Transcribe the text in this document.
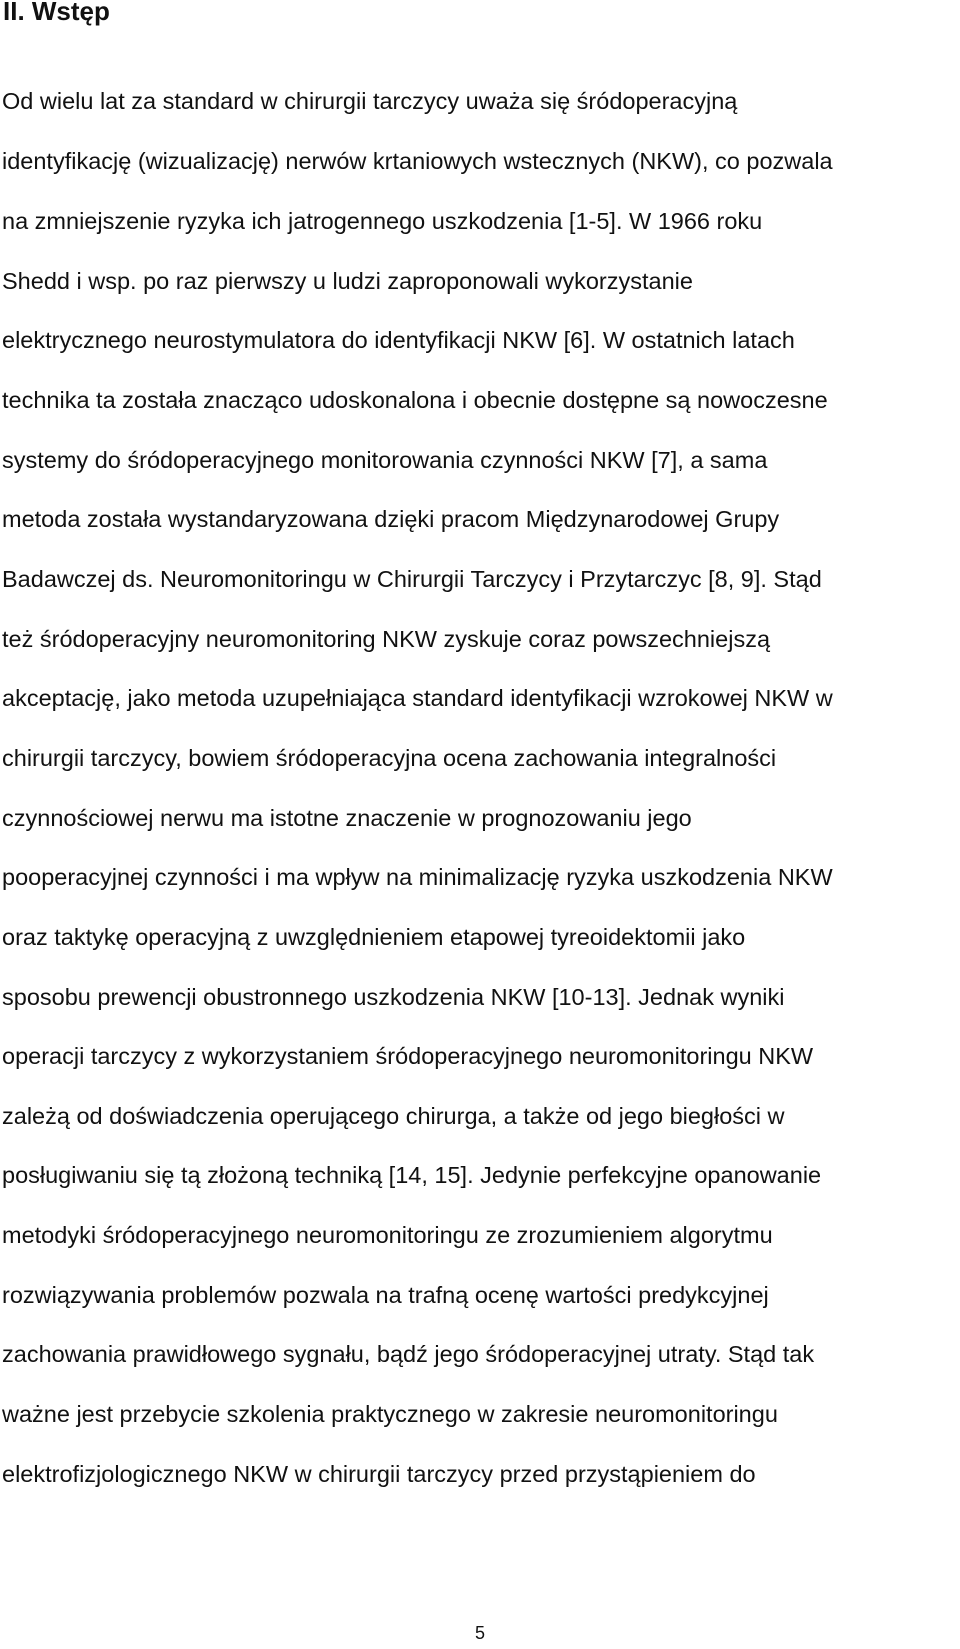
II. Wstęp

Od wielu lat za standard w chirurgii tarczycy uważa się śródoperacyjną

identyfikację (wizualizację) nerwów krtaniowych wstecznych (NKW), co pozwala

na zmniejszenie ryzyka ich jatrogennego uszkodzenia [1-5]. W 1966 roku

Shedd i wsp. po raz pierwszy u ludzi zaproponowali wykorzystanie

elektrycznego neurostymulatora do identyfikacji NKW [6]. W ostatnich latach

technika ta została znacząco udoskonalona i obecnie dostępne są nowoczesne

systemy do śródoperacyjnego monitorowania czynności NKW [7], a sama

metoda została wystandaryzowana dzięki pracom Międzynarodowej Grupy

Badawczej ds. Neuromonitoringu w Chirurgii Tarczycy i Przytarczyc [8, 9]. Stąd

też śródoperacyjny neuromonitoring NKW zyskuje coraz powszechniejszą

akceptację, jako metoda uzupełniająca standard identyfikacji wzrokowej NKW w

chirurgii tarczycy, bowiem śródoperacyjna ocena zachowania integralności

czynnościowej nerwu ma istotne znaczenie w prognozowaniu jego

pooperacyjnej czynności i ma wpływ na minimalizację ryzyka uszkodzenia NKW

oraz taktykę operacyjną z uwzględnieniem etapowej tyreoidektomii jako

sposobu prewencji obustronnego uszkodzenia NKW [10-13]. Jednak wyniki

operacji tarczycy z wykorzystaniem śródoperacyjnego neuromonitoringu NKW

zależą od doświadczenia operującego chirurga, a także od jego biegłości w

posługiwaniu się tą złożoną techniką [14, 15]. Jedynie perfekcyjne opanowanie

metodyki śródoperacyjnego neuromonitoringu ze zrozumieniem algorytmu

rozwiązywania problemów pozwala na trafną ocenę wartości predykcyjnej

zachowania prawidłowego sygnału, bądź jego śródoperacyjnej utraty. Stąd tak

ważne jest przebycie szkolenia praktycznego w zakresie neuromonitoringu

elektrofizjologicznego NKW w chirurgii tarczycy przed przystąpieniem do

5
